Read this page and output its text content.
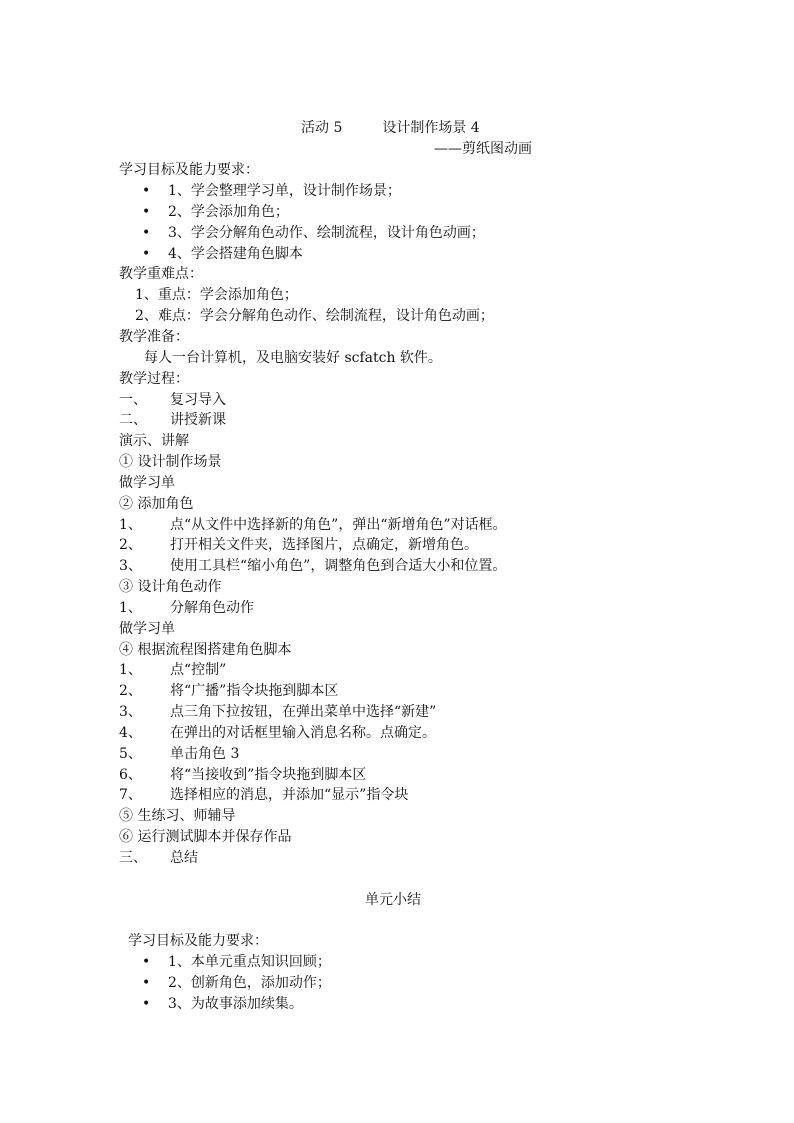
活动 5	设计制作场景 4
——剪纸图动画
学习目标及能力要求：
• 1、学会整理学习单，设计制作场景；
• 2、学会添加角色；
• 3、学会分解角色动作、绘制流程，设计角色动画；
• 4、学会搭建角色脚本
教学重难点：
1、重点：学会添加角色；
2、难点：学会分解角色动作、绘制流程，设计角色动画；
教学准备：
每人一台计算机，及电脑安装好 scfatch 软件。
教学过程：
一、 复习导入
二、 讲授新课
演示、讲解
① 设计制作场景
做学习单
② 添加角色
1、 点“从文件中选择新的角色”，弹出“新增角色”对话框。
2、 打开相关文件夹，选择图片，点确定，新增角色。
3、 使用工具栏“缩小角色”，调整角色到合适大小和位置。
③ 设计角色动作
1、 分解角色动作
做学习单
④ 根据流程图搭建角色脚本
1、 点“控制”
2、 将“广播”指令块拖到脚本区
3、 点三角下拉按钮，在弹出菜单中选择“新建”
4、 在弹出的对话框里输入消息名称。点确定。
5、 单击角色 3
6、 将“当接收到”指令块拖到脚本区
7、 选择相应的消息，并添加“显示”指令块
⑤ 生练习、师辅导
⑥ 运行测试脚本并保存作品
三、 总结
单元小结
学习目标及能力要求：
• 1、本单元重点知识回顾；
• 2、创新角色，添加动作；
• 3、为故事添加续集。
